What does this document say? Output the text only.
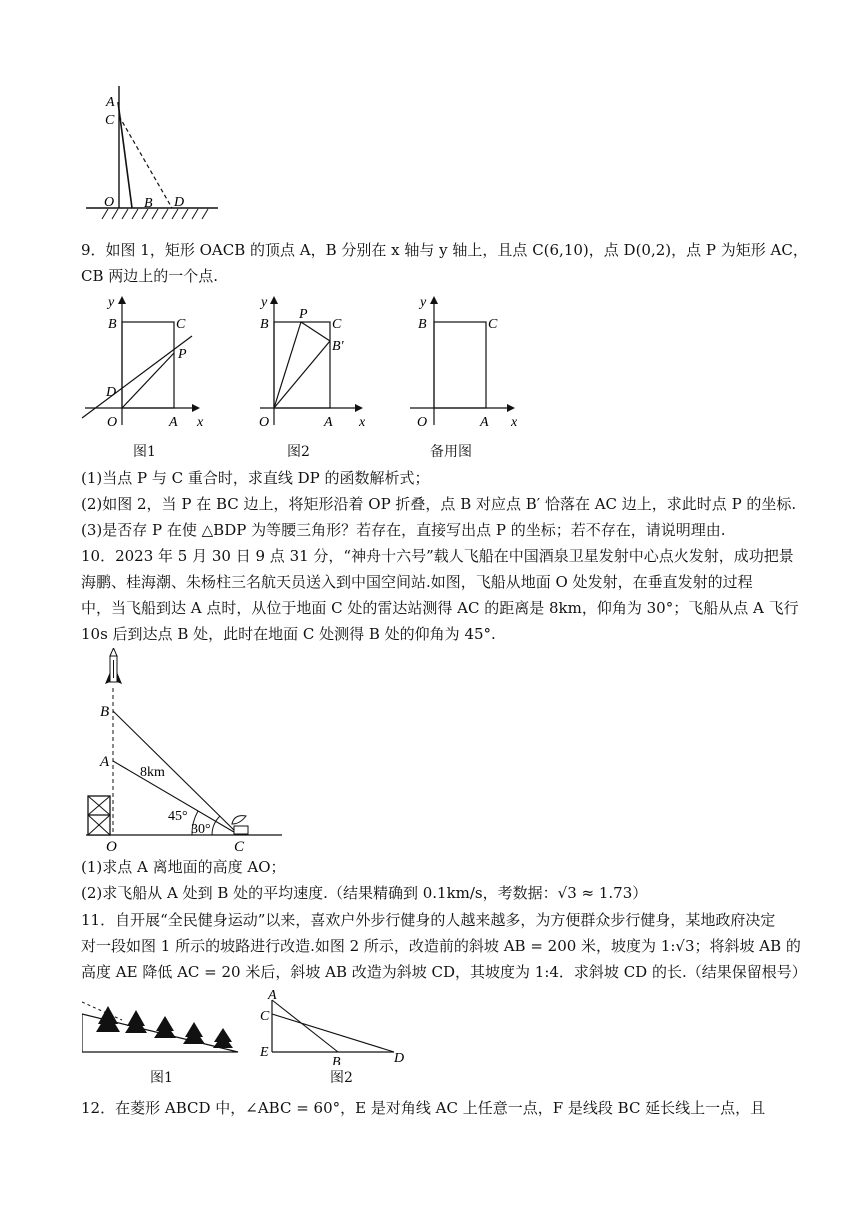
A
C
O B D
9．如图 1，矩形 OACB 的顶点 A，B 分别在 x 轴与 y 轴上，且点 C(6,10)，点 D(0,2)，点 P 为矩形 AC，
CB 两边上的一个点.
y
B	C
P
D
O	A x
图1
y
B
P
C
B′
O	A x
图2
y
B	C
O	A x
备用图
(1)当点 P 与 C 重合时，求直线 DP 的函数解析式；
(2)如图 2，当 P 在 BC 边上，将矩形沿着 OP 折叠，点 B 对应点 B′ 恰落在 AC 边上，求此时点 P 的坐标.
(3)是否存 P 在使 △BDP 为等腰三角形？若存在，直接写出点 P 的坐标；若不存在，请说明理由.
10．2023 年 5 月 30 日 9 点 31 分，“神舟十六号”载人飞船在中国酒泉卫星发射中心点火发射，成功把景
海鹏、桂海潮、朱杨柱三名航天员送入到中国空间站.如图，飞船从地面 O 处发射，在垂直发射的过程
中，当飞船到达 A 点时，从位于地面 C 处的雷达站测得 AC 的距离是 8km，仰角为 30°；飞船从点 A 飞行
10s 后到达点 B 处，此时在地面 C 处测得 B 处的仰角为 45°.
B
A
8km
45°
30°
O	C
(1)求点 A 离地面的高度 AO；
(2)求飞船从 A 处到 B 处的平均速度.（结果精确到 0.1km/s，考数据：√3 ≈ 1.73）
11．自开展“全民健身运动”以来，喜欢户外步行健身的人越来越多，为方便群众步行健身，某地政府决定
对一段如图 1 所示的坡路进行改造.如图 2 所示，改造前的斜坡 AB = 200 米，坡度为 1:√3；将斜坡 AB 的
高度 AE 降低 AC = 20 米后，斜坡 AB 改造为斜坡 CD，其坡度为 1:4．求斜坡 CD 的长.（结果保留根号）
图1
A
C
E
B	D
图2
12．在菱形 ABCD 中，∠ABC = 60°，E 是对角线 AC 上任意一点，F 是线段 BC 延长线上一点，且
